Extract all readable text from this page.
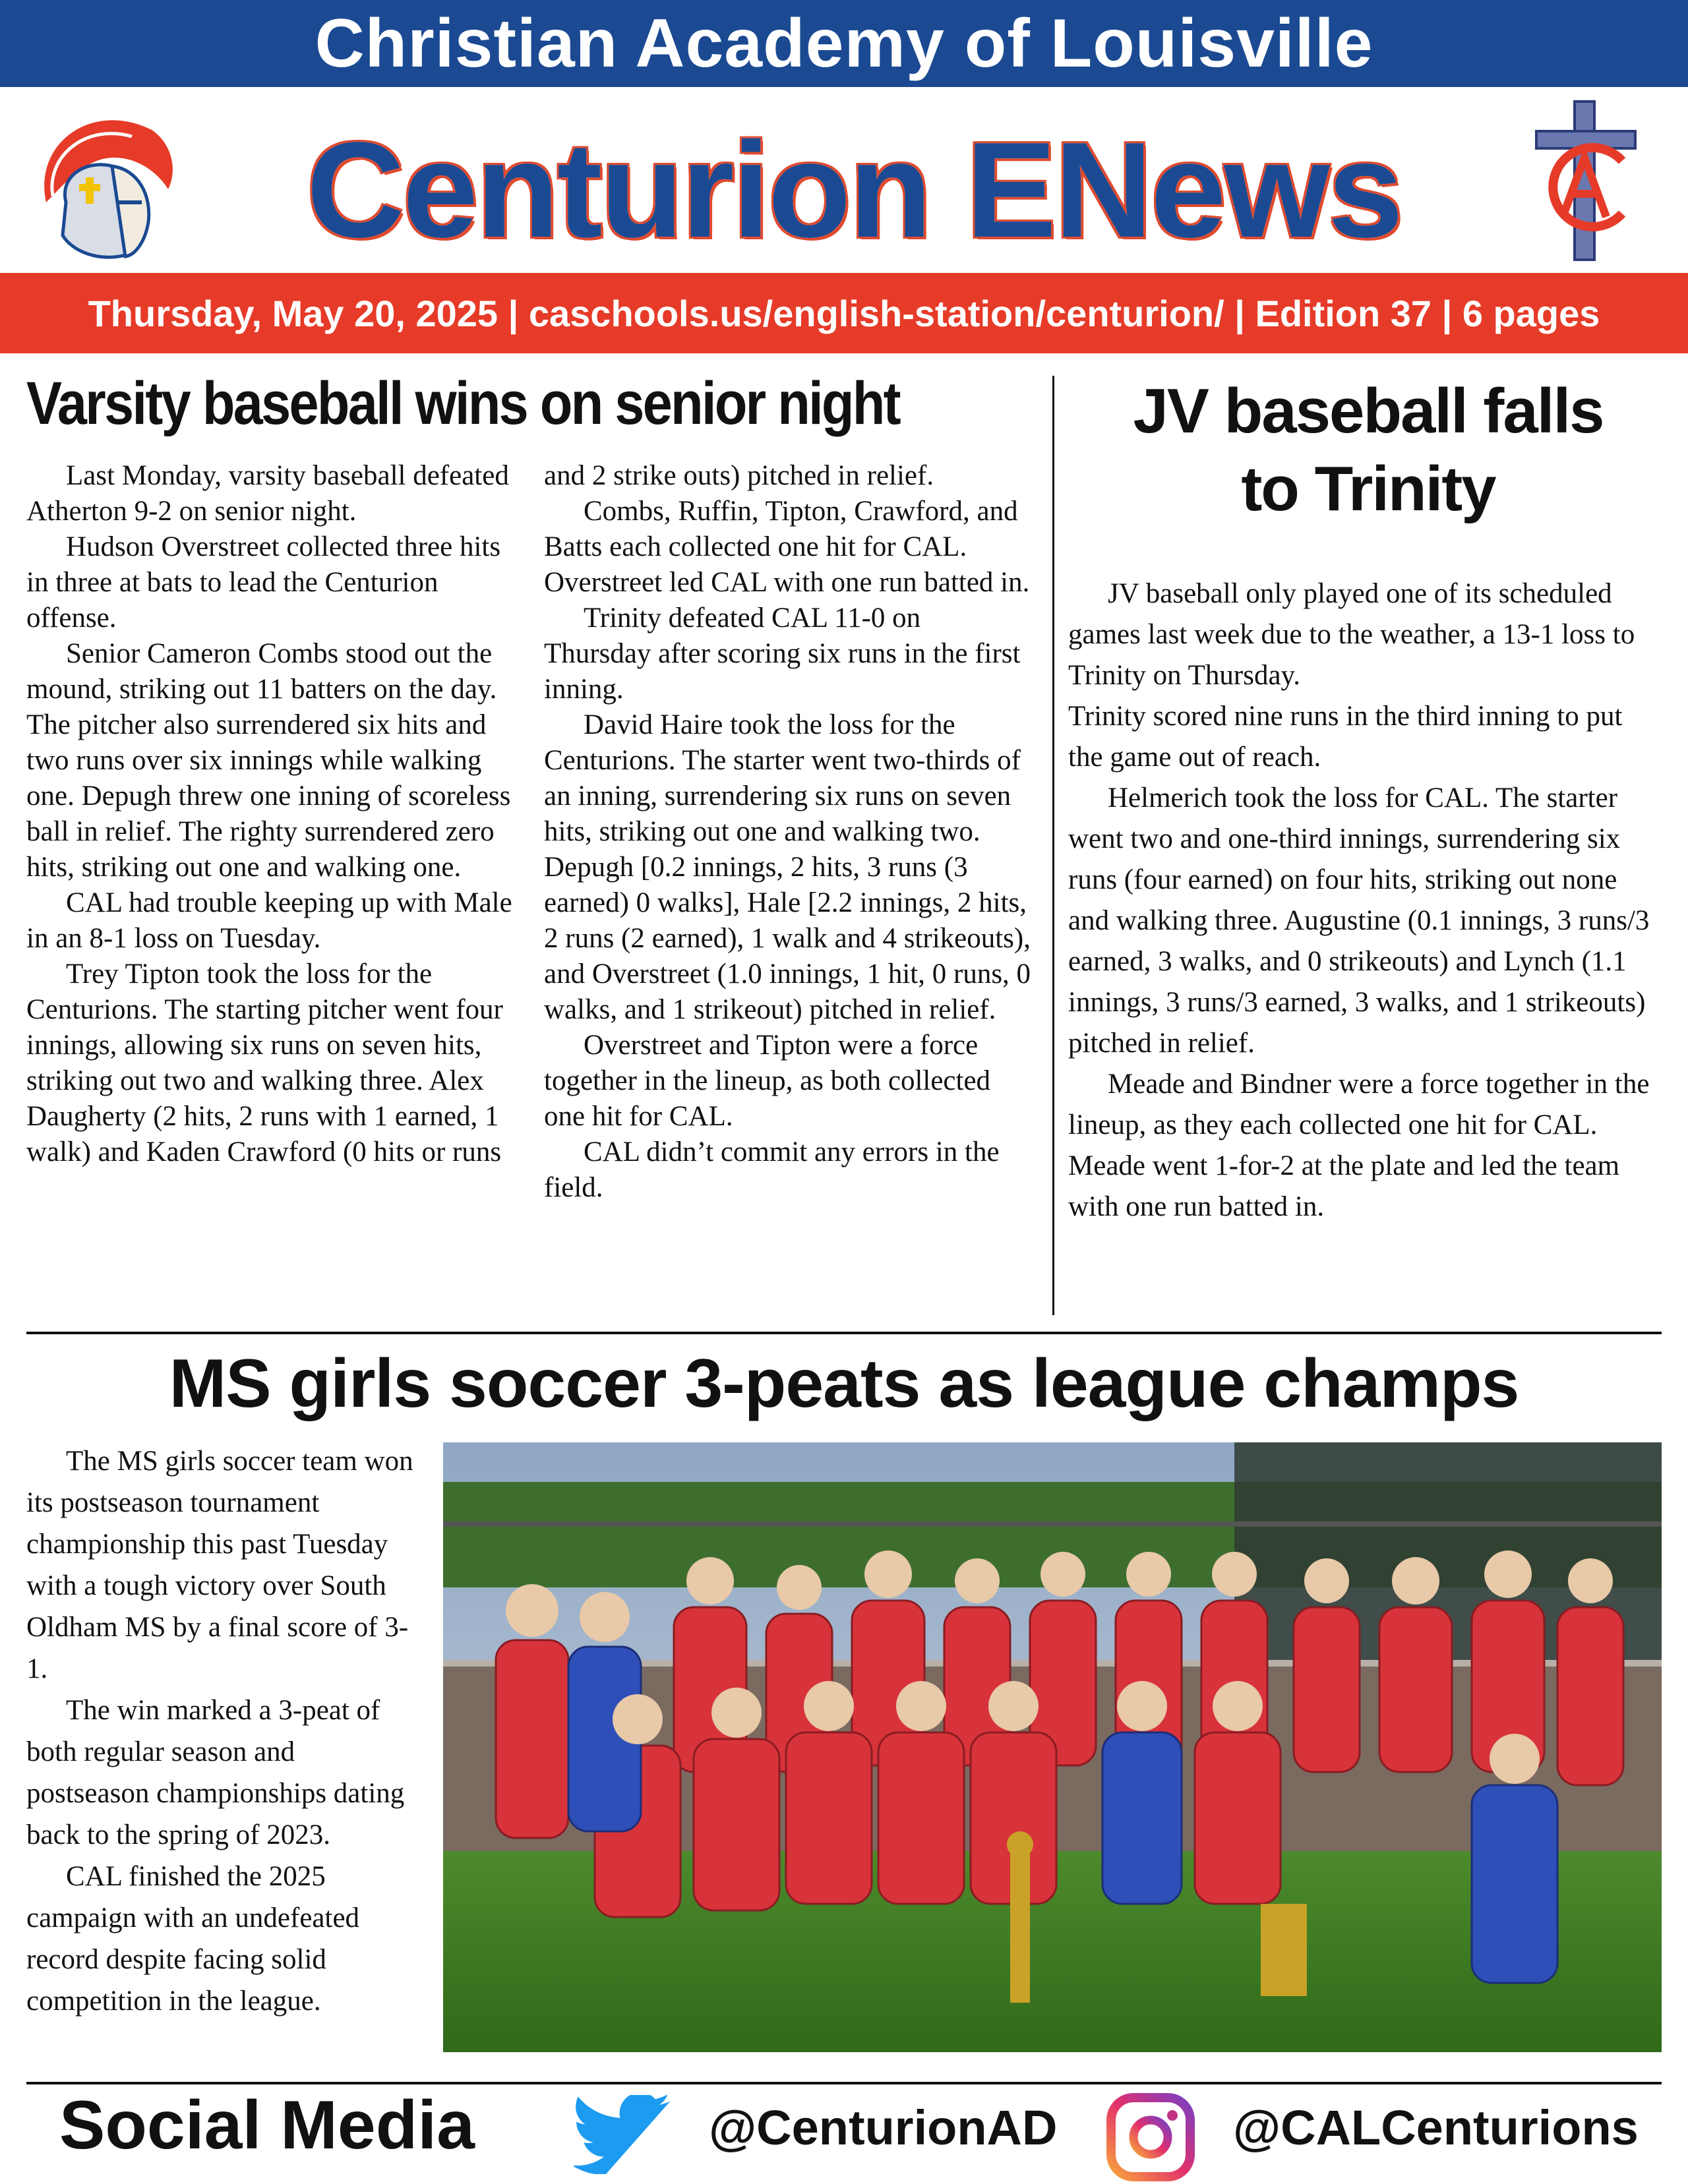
Christian Academy of Louisville
Centurion ENews
Thursday, May 20, 2025 | caschools.us/english-station/centurion/ | Edition 37 | 6 pages
Varsity baseball wins on senior night

Last Monday, varsity baseball defeated Atherton 9-2 on senior night.

Hudson Overstreet collected three hits in three at bats to lead the Centurion offense.

Senior Cameron Combs stood out the mound, striking out 11 batters on the day. The pitcher also surrendered six hits and two runs over six innings while walking one. Depugh threw one inning of scoreless ball in relief. The righty surrendered zero hits, striking out one and walking one.

CAL had trouble keeping up with Male in an 8-1 loss on Tuesday.

Trey Tipton took the loss for the Centurions. The starting pitcher went four innings, allowing six runs on seven hits, striking out two and walking three. Alex Daugherty (2 hits, 2 runs with 1 earned, 1 walk) and Kaden Crawford (0 hits or runs

and 2 strike outs) pitched in relief.

Combs, Ruffin, Tipton, Crawford, and Batts each collected one hit for CAL. Overstreet led CAL with one run batted in.

Trinity defeated CAL 11-0 on Thursday after scoring six runs in the first inning.

David Haire took the loss for the Centurions. The starter went two-thirds of an inning, surrendering six runs on seven hits, striking out one and walking two. Depugh [0.2 innings, 2 hits, 3 runs (3 earned) 0 walks], Hale [2.2 innings, 2 hits, 2 runs (2 earned), 1 walk and 4 strikeouts), and Overstreet (1.0 innings, 1 hit, 0 runs, 0 walks, and 1 strikeout) pitched in relief.

Overstreet and Tipton were a force together in the lineup, as both collected one hit for CAL.

CAL didn’t commit any errors in the field.

JV baseball falls
to Trinity

JV baseball only played one of its scheduled games last week due to the weather, a 13-1 loss to Trinity on Thursday.

Trinity scored nine runs in the third inning to put the game out of reach.

Helmerich took the loss for CAL. The starter went two and one-third innings, surrendering six runs (four earned) on four hits, striking out none and walking three. Augustine (0.1 innings, 3 runs/3 earned, 3 walks, and 0 strikeouts) and Lynch (1.1 innings, 3 runs/3 earned, 3 walks, and 1 strikeouts) pitched in relief.

Meade and Bindner were a force together in the lineup, as they each collected one hit for CAL. Meade went 1-for-2 at the plate and led the team with one run batted in.

MS girls soccer 3-peats as league champs

The MS girls soccer team won its postseason tournament championship this past Tuesday with a tough victory over South Oldham MS by a final score of 3-1.

The win marked a 3-peat of both regular season and postseason championships dating back to the spring of 2023.

CAL finished the 2025 campaign with an undefeated record despite facing solid competition in the league.

Social Media	@CenturionAD	@CALCenturions
